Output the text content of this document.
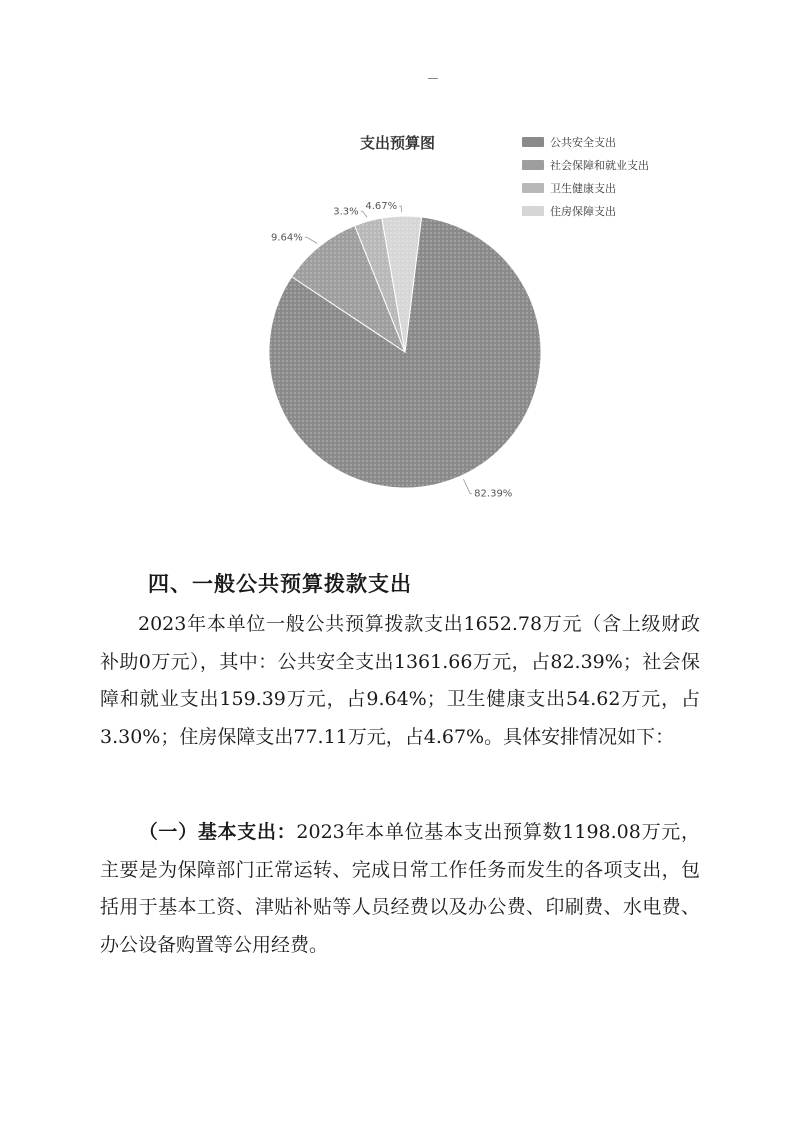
支出预算图	公共安全支出
社会保障和就业支出
卫生健康支出
住房保障支出
82.39%
9.64%
3.3% 4.67%
四、一般公共预算拨款支出
2023年本单位一般公共预算拨款支出1652.78万元（含上级财政补助0万元），其中：公共安全支出1361.66万元，占82.39%；社会保障和就业支出159.39万元，占9.64%；卫生健康支出54.62万元，占3.30%；住房保障支出77.11万元，占4.67%。具体安排情况如下：
（一）基本支出：2023年本单位基本支出预算数1198.08万元，主要是为保障部门正常运转、完成日常工作任务而发生的各项支出，包括用于基本工资、津贴补贴等人员经费以及办公费、印刷费、水电费、办公设备购置等公用经费。
